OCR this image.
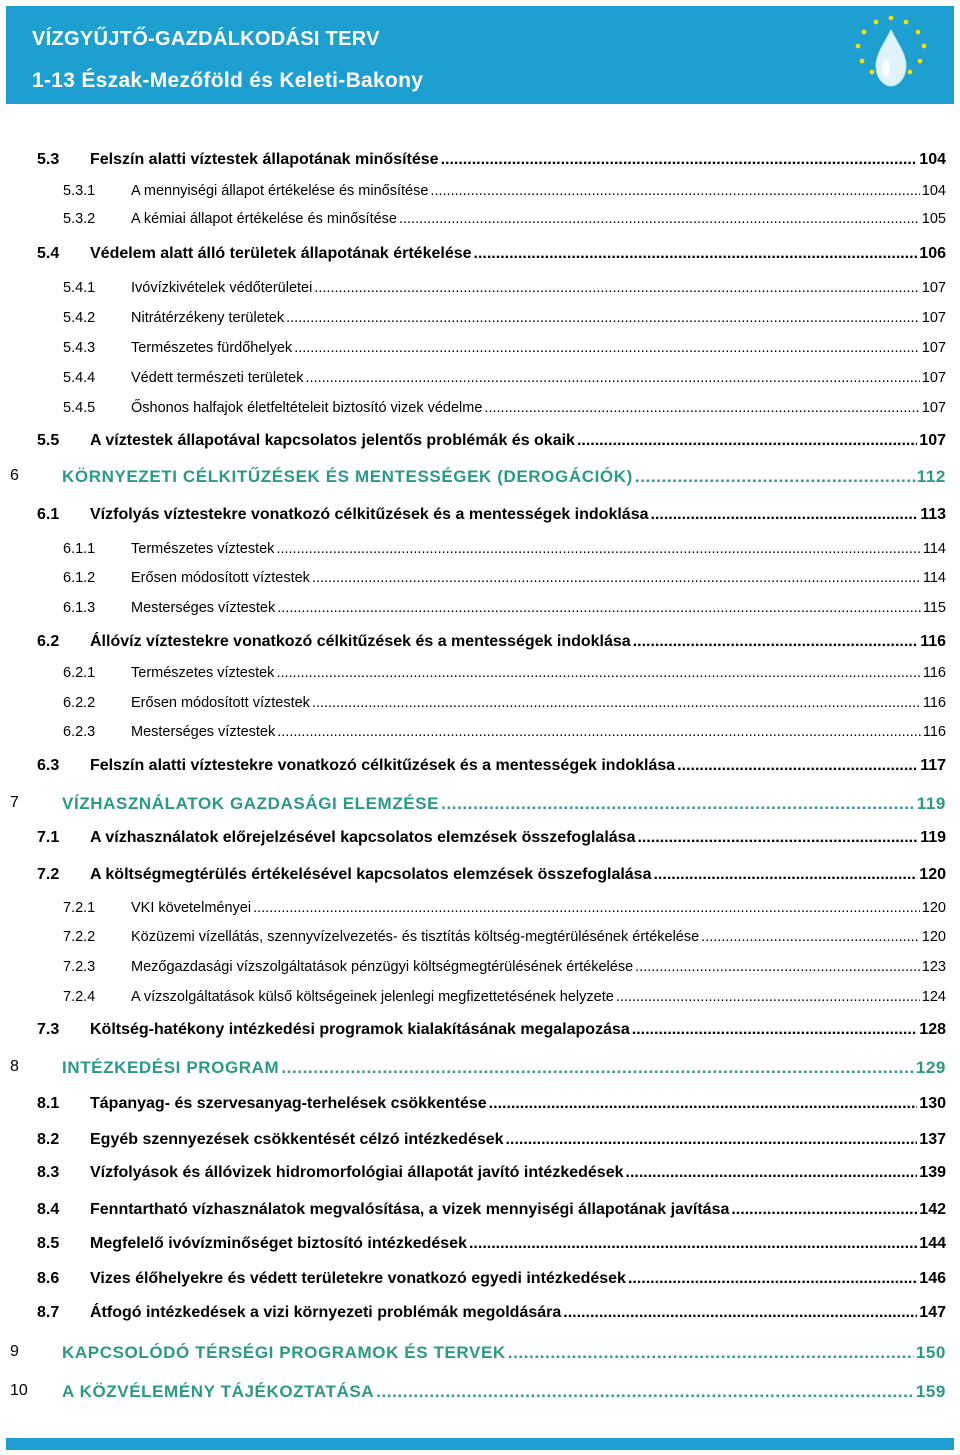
VÍZGYŰJTŐ-GAZDÁLKODÁSI TERV
1-13 Észak-Mezőföld és Keleti-Bakony
5.3 Felszín alatti víztestek állapotának minősítése .....	104
5.3.1 A mennyiségi állapot értékelése és minősítése .....	104
5.3.2 A kémiai állapot értékelése és minősítése .....	105
5.4 Védelem alatt álló területek állapotának értékelése .....	106
5.4.1 Ivóvízkivételek védőterületei .....	107
5.4.2 Nitrátérzékeny területek .....	107
5.4.3 Természetes fürdőhelyek .....	107
5.4.4 Védett természeti területek .....	107
5.4.5 Őshonos halfajok életfeltételeit biztosító vizek védelme .....	107
5.5 A víztestek állapotával kapcsolatos jelentős problémák és okaik .....	107
6	KÖRNYEZETI CÉLKITŰZÉSEK ÉS MENTESSÉGEK (DEROGÁCIÓK) .....	112
6.1 Vízfolyás víztestekre vonatkozó célkitűzések és a mentességek indoklása .....	113
6.1.1 Természetes víztestek .....	114
6.1.2 Erősen módosított víztestek .....	114
6.1.3 Mesterséges víztestek .....	115
6.2 Állóvíz víztestekre vonatkozó célkitűzések és a mentességek indoklása .....	116
6.2.1 Természetes víztestek .....	116
6.2.2 Erősen módosított víztestek .....	116
6.2.3 Mesterséges víztestek .....	116
6.3 Felszín alatti víztestekre vonatkozó célkitűzések és a mentességek indoklása .....	117
7	VÍZHASZNÁLATOK GAZDASÁGI ELEMZÉSE .....	119
7.1 A vízhasználatok előrejelzésével kapcsolatos elemzések összefoglalása .....	119
7.2 A költségmegtérülés értékelésével kapcsolatos elemzések összefoglalása .....	120
7.2.1 VKI követelményei .....	120
7.2.2 Közüzemi vízellátás, szennyvízelvezetés- és tisztítás költség-megtérülésének értékelése .....	120
7.2.3 Mezőgazdasági vízszolgáltatások pénzügyi költségmegtérülésének értékelése .....	123
7.2.4 A vízszolgáltatások külső költségeinek jelenlegi megfizettetésének helyzete .....	124
7.3 Költség-hatékony intézkedési programok kialakításának megalapozása .....	128
8	INTÉZKEDÉSI PROGRAM .....	129
8.1 Tápanyag- és szervesanyag-terhelések csökkentése .....	130
8.2 Egyéb szennyezések csökkentését célzó intézkedések .....	137
8.3 Vízfolyások és állóvizek hidromorfológiai állapotát javító intézkedések .....	139
8.4 Fenntartható vízhasználatok megvalósítása, a vizek mennyiségi állapotának javítása .....	142
8.5 Megfelelő ivóvízminőséget biztosító intézkedések .....	144
8.6 Vizes élőhelyekre és védett területekre vonatkozó egyedi intézkedések .....	146
8.7 Átfogó intézkedések a vizi környezeti problémák megoldására .....	147
9	KAPCSOLÓDÓ TÉRSÉGI PROGRAMOK ÉS TERVEK .....	150
10 A KÖZVÉLEMÉNY TÁJÉKOZTATÁSA .....	159
